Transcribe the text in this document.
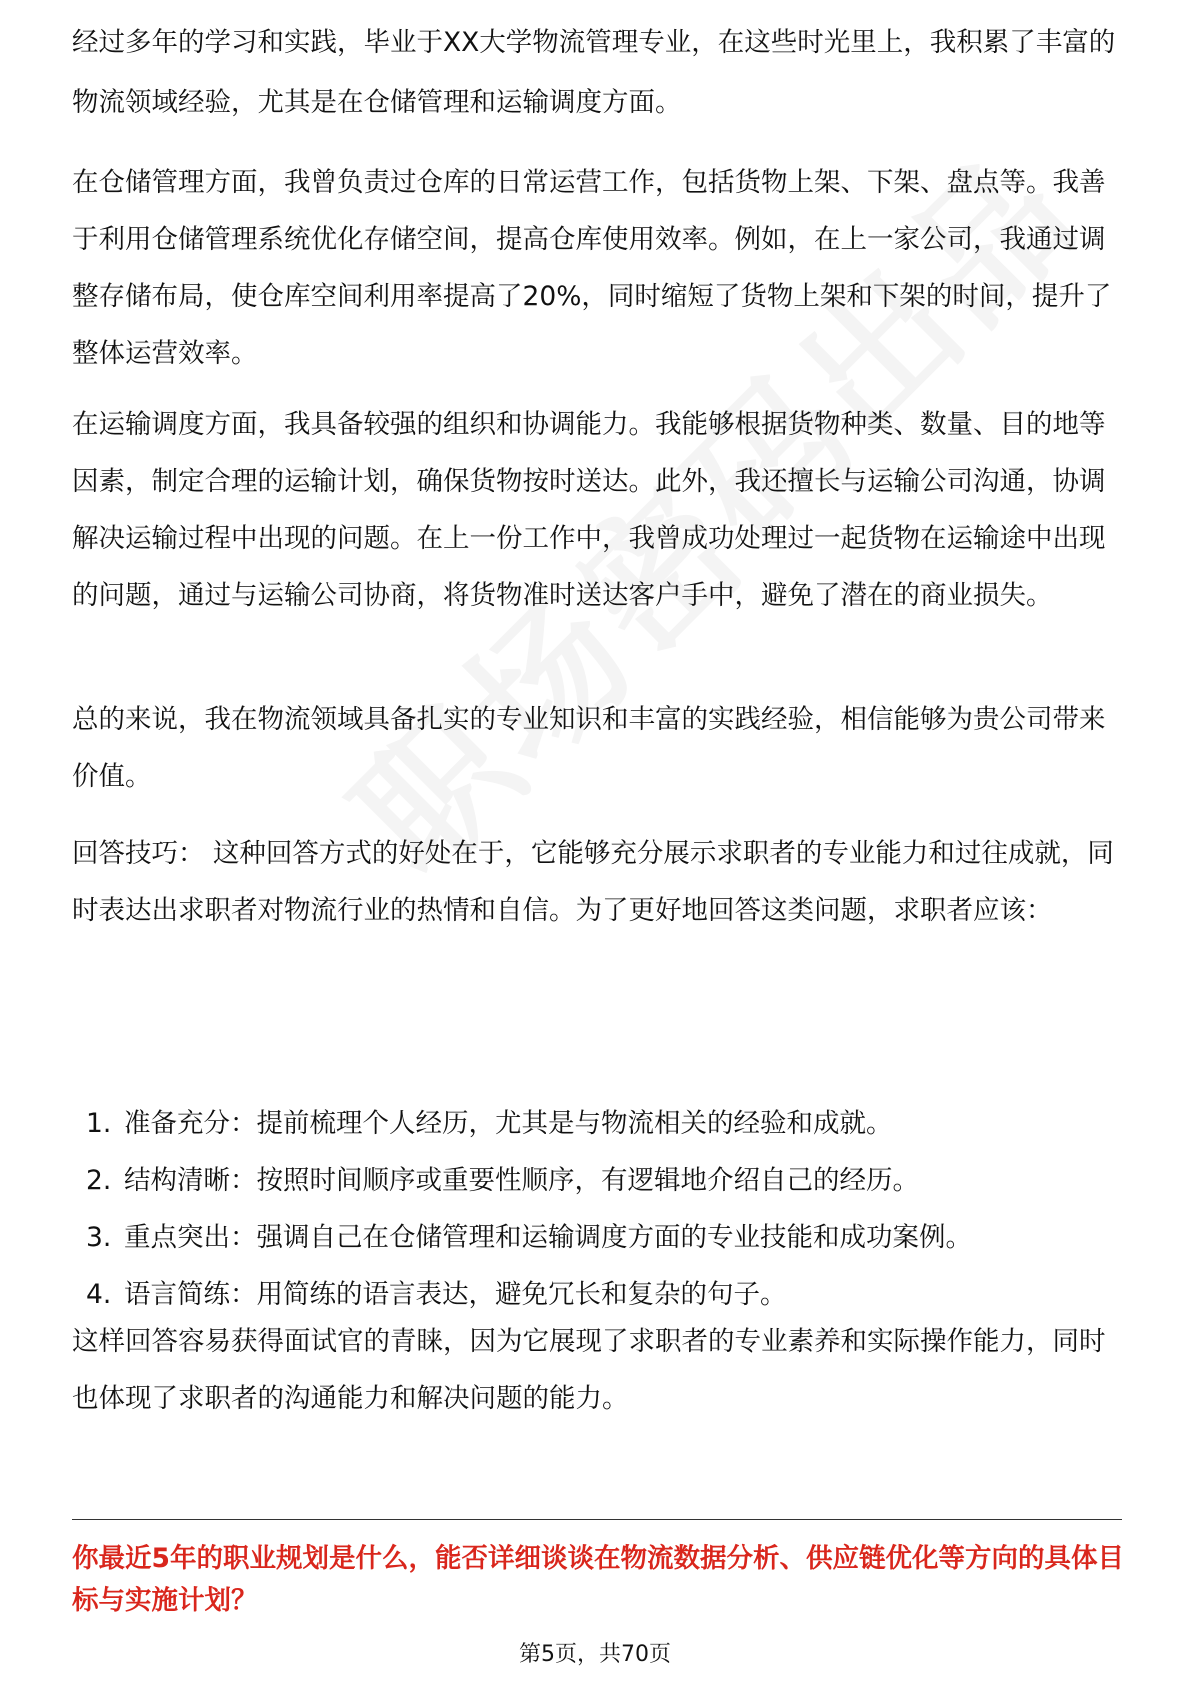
经过多年的学习和实践，毕业于XX大学物流管理专业，在这些时光里上，我积累了丰富的

物流领域经验，尤其是在仓储管理和运输调度方面。

在仓储管理方面，我曾负责过仓库的日常运营工作，包括货物上架、下架、盘点等。我善于利用仓储管理系统优化存储空间，提高仓库使用效率。例如，在上一家公司，我通过调整存储布局，使仓库空间利用率提高了20%，同时缩短了货物上架和下架的时间，提升了整体运营效率。

在运输调度方面，我具备较强的组织和协调能力。我能够根据货物种类、数量、目的地等因素，制定合理的运输计划，确保货物按时送达。此外，我还擅长与运输公司沟通，协调解决运输过程中出现的问题。在上一份工作中，我曾成功处理过一起货物在运输途中出现的问题，通过与运输公司协商，将货物准时送达客户手中，避免了潜在的商业损失。

总的来说，我在物流领域具备扎实的专业知识和丰富的实践经验，相信能够为贵公司带来价值。

回答技巧： 这种回答方式的好处在于，它能够充分展示求职者的专业能力和过往成就，同时表达出求职者对物流行业的热情和自信。为了更好地回答这类问题，求职者应该：

1. 准备充分：提前梳理个人经历，尤其是与物流相关的经验和成就。
2. 结构清晰：按照时间顺序或重要性顺序，有逻辑地介绍自己的经历。
3. 重点突出：强调自己在仓储管理和运输调度方面的专业技能和成功案例。
4. 语言简练：用简练的语言表达，避免冗长和复杂的句子。

这样回答容易获得面试官的青睐，因为它展现了求职者的专业素养和实际操作能力，同时也体现了求职者的沟通能力和解决问题的能力。

你最近5年的职业规划是什么，能否详细谈谈在物流数据分析、供应链优化等方向的具体目标与实施计划？
第5页，共70页
